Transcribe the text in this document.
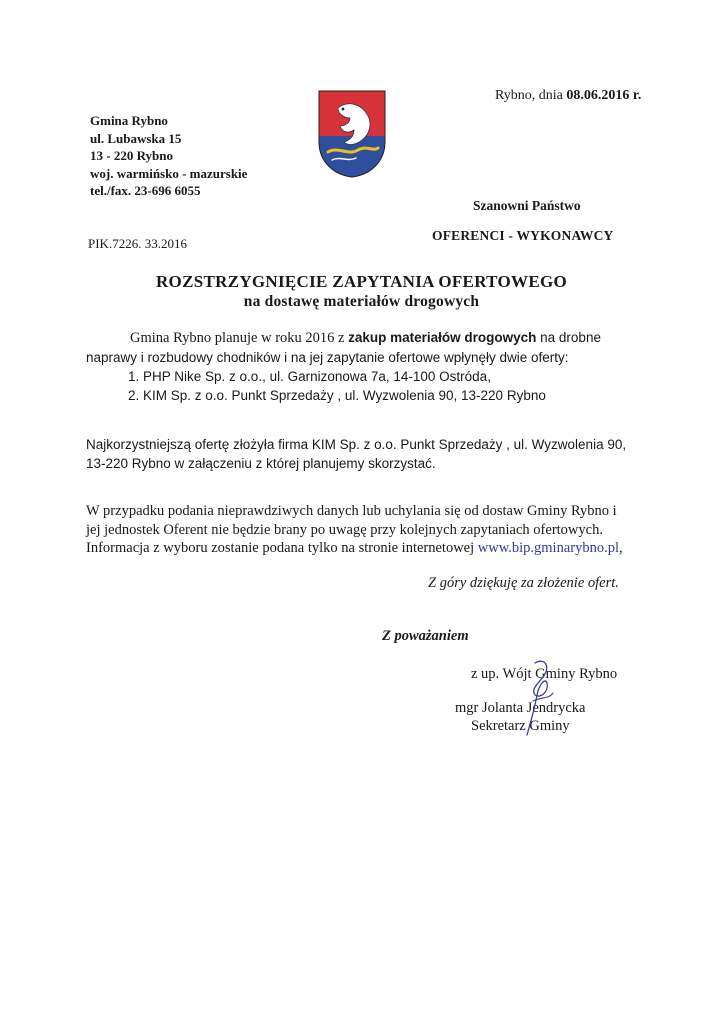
Rybno, dnia 08.06.2016 r.
Gmina Rybno
ul. Lubawska 15
13 - 220 Rybno
woj. warmińsko - mazurskie
tel./fax. 23-696 6055
Szanowni Państwo
OFERENCI - WYKONAWCY
PIK.7226. 33.2016
ROZSTRZYGNIĘCIE ZAPYTANIA OFERTOWEGO
na dostawę materiałów drogowych
Gmina Rybno planuje w roku 2016 z zakup materiałów drogowych na drobne
naprawy i rozbudowy chodników i na jej zapytanie ofertowe wpłynęły dwie oferty:
1. PHP Nike Sp. z o.o., ul. Garnizonowa 7a, 14-100 Ostróda,
2. KIM Sp. z o.o. Punkt Sprzedaży , ul. Wyzwolenia 90, 13-220 Rybno
Najkorzystniejszą ofertę złożyła firma KIM Sp. z o.o. Punkt Sprzedaży , ul. Wyzwolenia 90,
13-220 Rybno w załączeniu z której planujemy skorzystać.
W przypadku podania nieprawdziwych danych lub uchylania się od dostaw Gminy Rybno i
jej jednostek Oferent nie będzie brany po uwagę przy kolejnych zapytaniach ofertowych.
Informacja z wyboru zostanie podana tylko na stronie internetowej www.bip.gminarybno.pl,
Z góry dziękuję za złożenie ofert.
Z poważaniem
z up. Wójt Gminy Rybno
mgr Jolanta Jendrycka
Sekretarz Gminy
